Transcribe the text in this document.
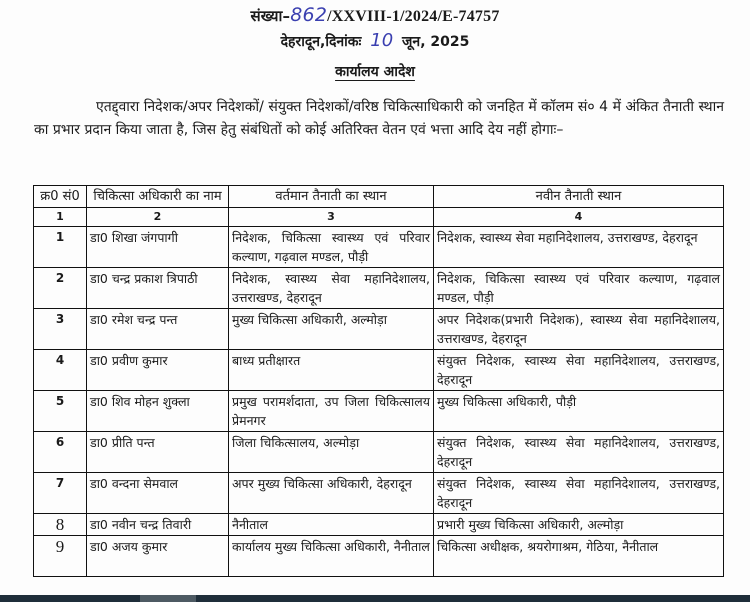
संख्या–862/XXVIII-1/2024/E-74757
देहरादून,दिनांकः 10 जून, 2025
कार्यालय आदेश
एतद्द्वारा निदेशक/अपर निदेशकों/ संयुक्त निदेशकों/वरिष्ठ चिकित्साधिकारी को जनहित में कॉलम सं० 4 में अंकित तैनाती स्थान का प्रभार प्रदान किया जाता है, जिस हेतु संबंधितों को कोई अतिरिक्त वेतन एवं भत्ता आदि देय नहीं होगाः–
क्र0 सं0	चिकित्सा अधिकारी का नाम	वर्तमान तैनाती का स्थान	नवीन तैनाती स्थान
1	2	3	4
1	डा0 शिखा जंगपागी	निदेशक, चिकित्सा स्वास्थ्य एवं परिवार कल्याण, गढ़वाल मण्डल, पौड़ी	निदेशक, स्वास्थ्य सेवा महानिदेशालय, उत्तराखण्ड, देहरादून
2	डा0 चन्द्र प्रकाश त्रिपाठी	निदेशक, स्वास्थ्य सेवा महानिदेशालय, उत्तराखण्ड, देहरादून	निदेशक, चिकित्सा स्वास्थ्य एवं परिवार कल्याण, गढ़वाल मण्डल, पौड़ी
3	डा0 रमेश चन्द्र पन्त	मुख्य चिकित्सा अधिकारी, अल्मोड़ा	अपर निदेशक(प्रभारी निदेशक), स्वास्थ्य सेवा महानिदेशालय, उत्तराखण्ड, देहरादून
4	डा0 प्रवीण कुमार	बाध्य प्रतीक्षारत	संयुक्त निदेशक, स्वास्थ्य सेवा महानिदेशालय, उत्तराखण्ड, देहरादून
5	डा0 शिव मोहन शुक्ला	प्रमुख परामर्शदाता, उप जिला चिकित्सालय प्रेमनगर	मुख्य चिकित्सा अधिकारी, पौड़ी
6	डा0 प्रीति पन्त	जिला चिकित्सालय, अल्मोड़ा	संयुक्त निदेशक, स्वास्थ्य सेवा महानिदेशालय, उत्तराखण्ड, देहरादून
7	डा0 वन्दना सेमवाल	अपर मुख्य चिकित्सा अधिकारी, देहरादून	संयुक्त निदेशक, स्वास्थ्य सेवा महानिदेशालय, उत्तराखण्ड, देहरादून
8	डा0 नवीन चन्द्र तिवारी	नैनीताल	प्रभारी मुख्य चिकित्सा अधिकारी, अल्मोड़ा
9	डा0 अजय कुमार	कार्यालय मुख्य चिकित्सा अधिकारी, नैनीताल	चिकित्सा अधीक्षक, श्रयरोगाश्रम, गेठिया, नैनीताल
